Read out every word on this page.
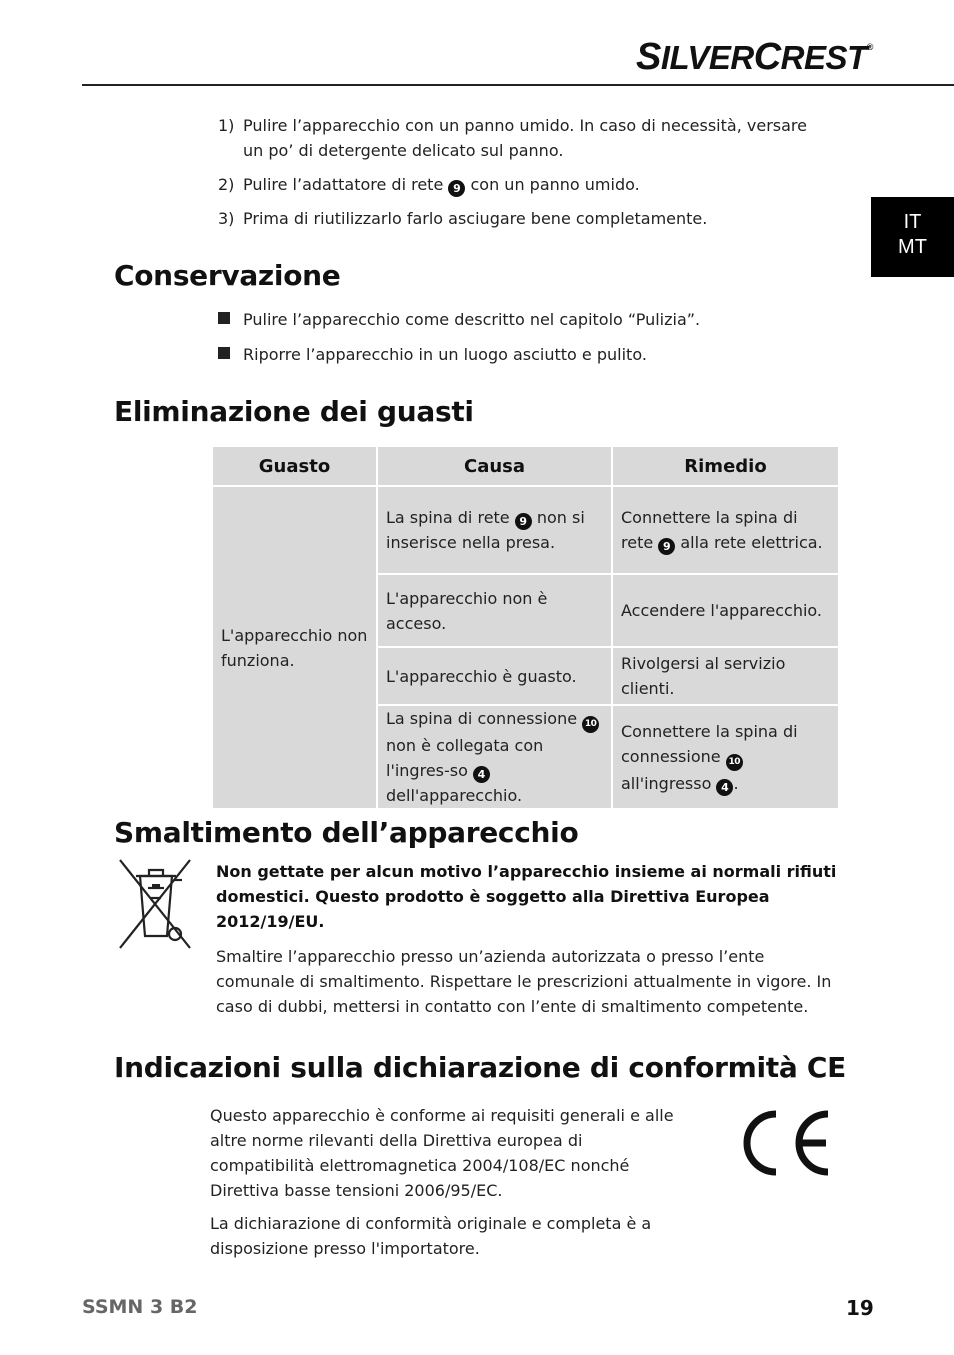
SILVERCREST®
IT
MT
1) Pulire l’apparecchio con un panno umido. In caso di necessità, versare un po’ di detergente delicato sul panno.
2) Pulire l’adattatore di rete 9 con un panno umido.
3) Prima di riutilizzarlo farlo asciugare bene completamente.
Conservazione
Pulire l’apparecchio come descritto nel capitolo “Pulizia”.
Riporre l’apparecchio in un luogo asciutto e pulito.
Eliminazione dei guasti
Guasto	Causa	Rimedio
L'apparecchio non funziona.	La spina di rete 9 non si inserisce nella presa.	Connettere la spina di rete 9 alla rete elettrica.
	L'apparecchio non è acceso.	Accendere l'apparecchio.
	L'apparecchio è guasto.	Rivolgersi al servizio clienti.
	La spina di connessione 10 non è collegata con l'ingres-so 4 dell'apparecchio.	Connettere la spina di connessione 10 all'ingresso 4 .
Smaltimento dell’apparecchio
Non gettate per alcun motivo l’apparecchio insieme ai normali rifiuti domestici. Questo prodotto è soggetto alla Direttiva Europea 2012/19/EU.
Smaltire l’apparecchio presso un’azienda autorizzata o presso l’ente comunale di smaltimento. Rispettare le prescrizioni attualmente in vigore. In caso di dubbi, mettersi in contatto con l’ente di smaltimento competente.
Indicazioni sulla dichiarazione di conformità CE
Questo apparecchio è conforme ai requisiti generali e alle altre norme rilevanti della Direttiva europea di compatibilità elettromagnetica 2004/108/EC nonché Direttiva basse tensioni 2006/95/EC.
La dichiarazione di conformità originale e completa è a disposizione presso l'importatore.
SSMN 3 B2	19
